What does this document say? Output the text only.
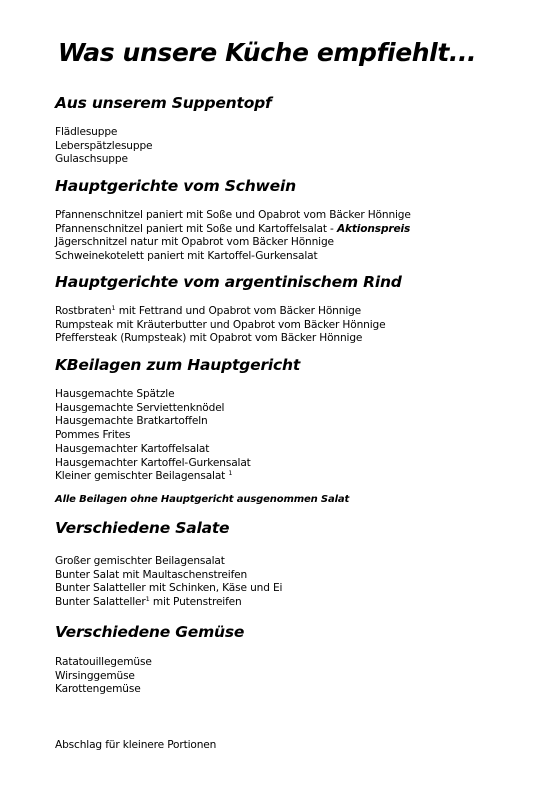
Was unsere Küche empfiehlt...
Aus unserem Suppentopf
Flädlesuppe
Leberspätzlesuppe
Gulaschsuppe
Hauptgerichte vom Schwein
Pfannenschnitzel paniert mit Soße und Opabrot vom Bäcker Hönnige
Pfannenschnitzel paniert mit Soße und Kartoffelsalat - Aktionspreis
Jägerschnitzel natur mit Opabrot vom Bäcker Hönnige
Schweinekotelett paniert mit Kartoffel-Gurkensalat
Hauptgerichte vom argentinischem Rind
Rostbraten$^1$ mit Fettrand und Opabrot vom Bäcker Hönnige
Rumpsteak mit Kräuterbutter und Opabrot vom Bäcker Hönnige
Pfeffersteak (Rumpsteak) mit Opabrot vom Bäcker Hönnige
KBeilagen zum Hauptgericht
Hausgemachte Spätzle
Hausgemachte Serviettenknödel
Hausgemachte Bratkartoffeln
Pommes Frites
Hausgemachter Kartoffelsalat
Hausgemachter Kartoffel-Gurkensalat
Kleiner gemischter Beilagensalat $^1$
Alle Beilagen ohne Hauptgericht ausgenommen Salat
Verschiedene Salate
Großer gemischter Beilagensalat
Bunter Salat mit Maultaschenstreifen
Bunter Salatteller mit Schinken, Käse und Ei
Bunter Salatteller$^1$ mit Putenstreifen
Verschiedene Gemüse
Ratatouillegemüse
Wirsinggemüse
Karottengemüse
Abschlag für kleinere Portionen
